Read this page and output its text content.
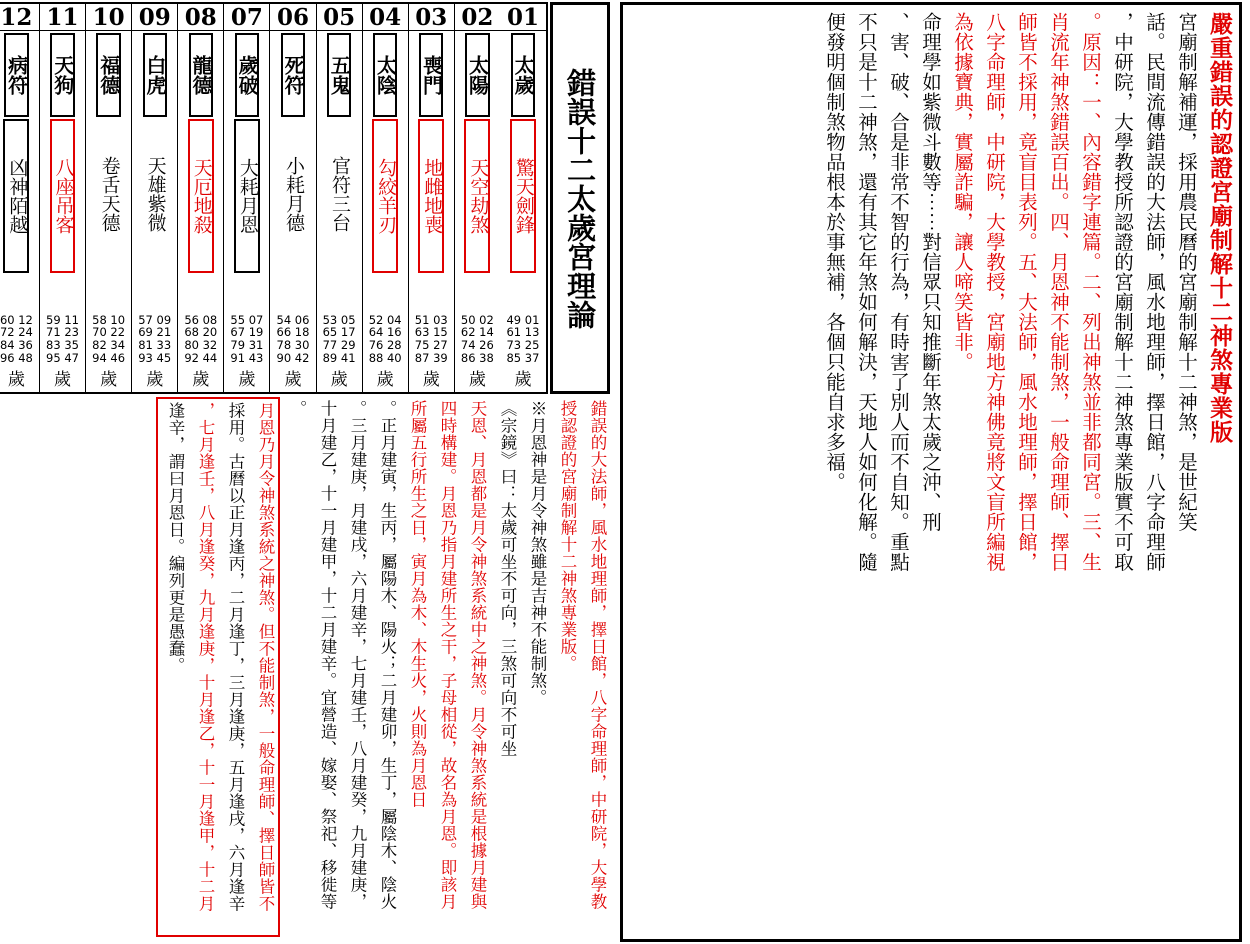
錯誤十二太歲宮理論
01
太歲
驚天劍鋒
49 01
61 13
73 25
85 37
歲
02
太陽
天空劫煞
50 02
62 14
74 26
86 38
歲
03
喪門
地雌地喪
51 03
63 15
75 27
87 39
歲
04
太陰
勾絞羊刃
52 04
64 16
76 28
88 40
歲
05
五鬼
官符三台
53 05
65 17
77 29
89 41
歲
06
死符
小耗月德
54 06
66 18
78 30
90 42
歲
07
歲破
大耗月恩
55 07
67 19
79 31
91 43
歲
08
龍德
天厄地殺
56 08
68 20
80 32
92 44
歲
09
白虎
天雄紫微
57 09
69 21
81 33
93 45
歲
10
福德
卷舌天德
58 10
70 22
82 34
94 46
歲
11
天狗
八座吊客
59 11
71 23
83 35
95 47
歲
12
病符
凶神陌越
60 12
72 24
84 36
96 48
歲
錯誤的大法師，風水地理師，擇日館，八字命理師，中研院，大學教
授認證的宮廟制解十二神煞專業版。
※月恩神是月令神煞雖是吉神不能制煞。
《宗鏡》曰：太歲可坐不可向，三煞可向不可坐
天恩、月恩都是月令神煞系統中之神煞。月令神煞系統是根據月建與
四時構建。月恩乃指月建所生之干，子母相從，故名為月恩。即該月
所屬五行所生之日，寅月為木、木生火，火則為月恩日
。正月建寅，生丙，屬陽木、陽火；二月建卯，生丁，屬陰木、陰火
。三月建庚，月建戌，六月建辛，七月建壬，八月建癸，九月建庚，
十月建乙，十一月建甲，十二月建辛。宜營造、嫁娶、祭祀、移徙等
。
月恩乃月令神煞系統之神煞。但不能制煞，一般命理師、擇日師皆不
採用。古曆以正月逢丙，二月逢丁，三月逢庚，五月逢戌，六月逢辛
，七月逢壬，八月逢癸，九月逢庚，十月逢乙，十一月逢甲，十二月
逢辛，謂曰月恩日。編列更是愚蠢。
嚴重錯誤的認證宮廟制解十二神煞專業版
宮廟制解補運，採用農民曆的宮廟制解十二神煞，是世紀笑
話。民間流傳錯誤的大法師，風水地理師，擇日館，八字命理師
，中研院，大學教授所認證的宮廟制解十二神煞專業版實不可取
。原因：一、內容錯字連篇。二、列出神煞並非都同宮。三、生
肖流年神煞錯誤百出。四、月恩神不能制煞，一般命理師、擇日
師皆不採用，竟盲目表列。五、大法師，風水地理師，擇日館，
八字命理師，中研院，大學教授，宮廟地方神佛竟將文盲所編視
為依據寶典，實屬詐騙，讓人啼笑皆非。
命理學如紫微斗數等⋯⋯對信眾只知推斷年煞太歲之沖、刑
、害、破、合是非常不智的行為，有時害了別人而不自知。重點
不只是十二神煞，還有其它年煞如何解決，天地人如何化解。隨
便發明個制煞物品根本於事無補，各個只能自求多福。
